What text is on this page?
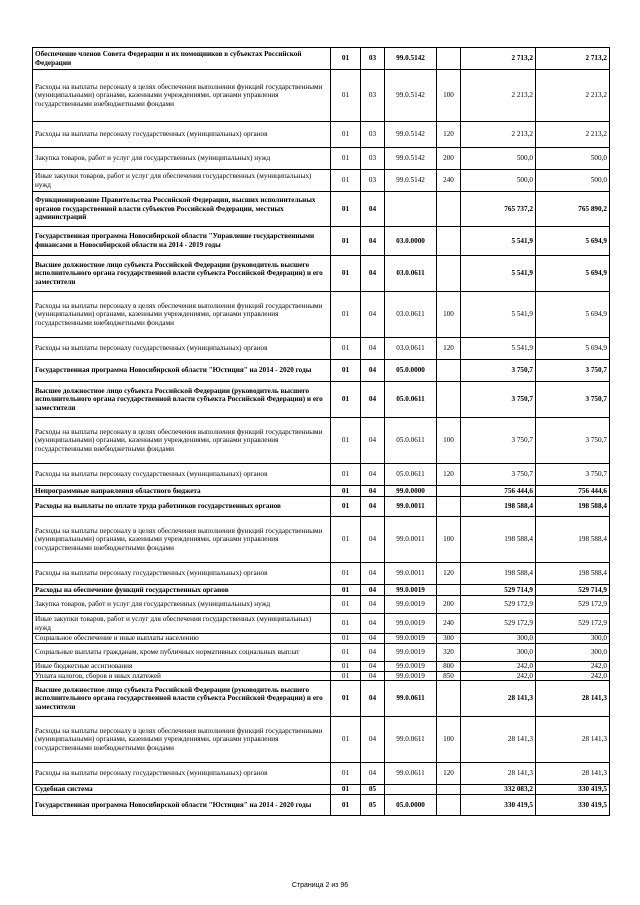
Обеспечение членов Совета Федерации и их помощников в субъектах Российской Федерации	01	03	99.0.5142		2 713,2	2 713,2
Расходы на выплаты персоналу в целях обеспечения выполнения функций государственными (муниципальными) органами, казенными учреждениями, органами управления государственными внебюджетными фондами	01	03	99.0.5142	100	2 213,2	2 213,2
Расходы на выплаты персоналу государственных (муниципальных) органов	01	03	99.0.5142	120	2 213,2	2 213,2
Закупка товаров, работ и услуг для государственных (муниципальных) нужд	01	03	99.0.5142	200	500,0	500,0
Иные закупки товаров, работ и услуг для обеспечения государственных (муниципальных) нужд	01	03	99.0.5142	240	500,0	500,0
Функционирование Правительства Российской Федерации, высших исполнительных органов государственной власти субъектов Российской Федерации, местных администраций	01	04			765 737,2	765 890,2
Государственная программа Новосибирской области "Управление государственными финансами в Новосибирской области на 2014 - 2019 годы	01	04	03.0.0000		5 541,9	5 694,9
Высшее должностное лицо субъекта Российской Федерации (руководитель высшего исполнительного органа государственной власти субъекта Российской Федерации) и его заместители	01	04	03.0.0611		5 541,9	5 694,9
Расходы на выплаты персоналу в целях обеспечения выполнения функций государственными (муниципальными) органами, казенными учреждениями, органами управления государственными внебюджетными фондами	01	04	03.0.0611	100	5 541,9	5 694,9
Расходы на выплаты персоналу государственных (муниципальных) органов	01	04	03.0.0611	120	5 541,9	5 694,9
Государственная программа Новосибирской области "Юстиция" на 2014 - 2020 годы	01	04	05.0.0000		3 750,7	3 750,7
Высшее должностное лицо субъекта Российской Федерации (руководитель высшего исполнительного органа государственной власти субъекта Российской Федерации) и его заместители	01	04	05.0.0611		3 750,7	3 750,7
Расходы на выплаты персоналу в целях обеспечения выполнения функций государственными (муниципальными) органами, казенными учреждениями, органами управления государственными внебюджетными фондами	01	04	05.0.0611	100	3 750,7	3 750,7
Расходы на выплаты персоналу государственных (муниципальных) органов	01	04	05.0.0611	120	3 750,7	3 750,7
Непрограммные направления областного бюджета	01	04	99.0.0000		756 444,6	756 444,6
Расходы на выплаты по оплате труда работников государственных органов	01	04	99.0.0011		198 588,4	198 588,4
Расходы на выплаты персоналу в целях обеспечения выполнения функций государственными (муниципальными) органами, казенными учреждениями, органами управления государственными внебюджетными фондами	01	04	99.0.0011	100	198 588,4	198 588,4
Расходы на выплаты персоналу государственных (муниципальных) органов	01	04	99.0.0011	120	198 588,4	198 588,4
Расходы на обеспечение функций государственных органов	01	04	99.0.0019		529 714,9	529 714,9
Закупка товаров, работ и услуг для государственных (муниципальных) нужд	01	04	99.0.0019	200	529 172,9	529 172,9
Иные закупки товаров, работ и услуг для обеспечения государственных (муниципальных) нужд	01	04	99.0.0019	240	529 172,9	529 172,9
Социальное обеспечение и иные выплаты населению	01	04	99.0.0019	300	300,0	300,0
Социальные выплаты гражданам, кроме публичных нормативных социальных выплат	01	04	99.0.0019	320	300,0	300,0
Иные бюджетные ассигнования	01	04	99.0.0019	800	242,0	242,0
Уплата налогов, сборов и иных платежей	01	04	99.0.0019	850	242,0	242,0
Высшее должностное лицо субъекта Российской Федерации (руководитель высшего исполнительного органа государственной власти субъекта Российской Федерации) и его заместители	01	04	99.0.0611		28 141,3	28 141,3
Расходы на выплаты персоналу в целях обеспечения выполнения функций государственными (муниципальными) органами, казенными учреждениями, органами управления государственными внебюджетными фондами	01	04	99.0.0611	100	28 141,3	28 141,3
Расходы на выплаты персоналу государственных (муниципальных) органов	01	04	99.0.0611	120	28 141,3	28 141,3
Судебная система	01	05			332 083,2	330 419,5
Государственная программа Новосибирской области "Юстиция" на 2014 - 2020 годы	01	05	05.0.0000		330 419,5	330 419,5
Страница 2 из 96
